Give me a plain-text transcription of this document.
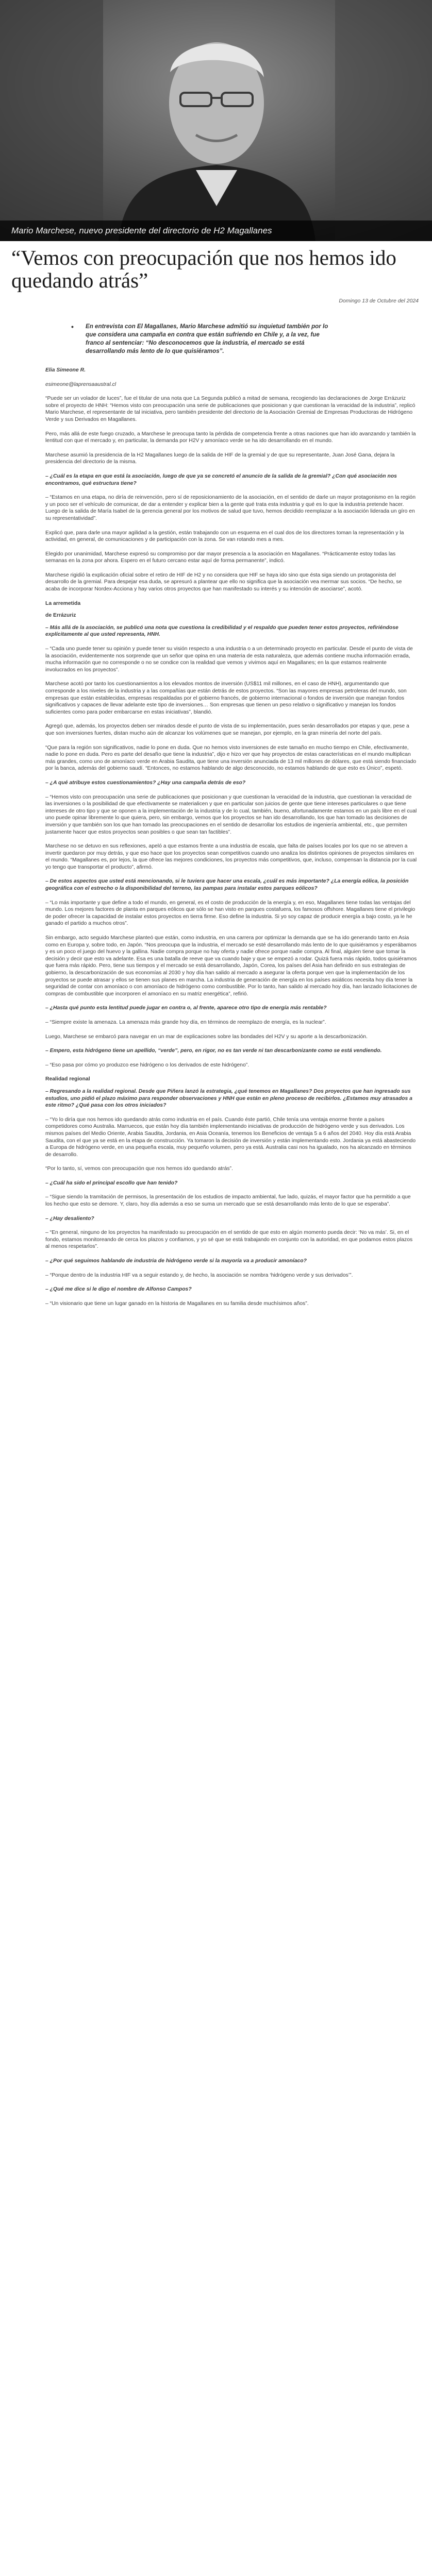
Mario Marchese, nuevo presidente del directorio de H2 Magallanes
“Vemos con preocupación que nos hemos ido quedando atrás”
Domingo 13 de Octubre del 2024
• En entrevista con El Magallanes, Mario Marchese admitió su inquietud también por lo que considera una campaña en contra que están sufriendo en Chile y, a la vez, fue franco al sentenciar: “No desconocemos que la industria, el mercado se está desarrollando más lento de lo que quisiéramos”.

Elia Simeone R.

esimeone@laprensaaustral.cl

“Puede ser un volador de luces”, fue el titular de una nota que La Segunda publicó a mitad de semana, recogiendo las declaraciones de Jorge Errázuriz sobre el proyecto de HNH: “Hemos visto con preocupación una serie de publicaciones que posicionan y que cuestionan la veracidad de la industria”, replicó Mario Marchese, el representante de tal iniciativa, pero también presidente del directorio de la Asociación Gremial de Empresas Productoras de Hidrógeno Verde y sus Derivados en Magallanes.

Pero, más allá de este fuego cruzado, a Marchese le preocupa tanto la pérdida de competencia frente a otras naciones que han ido avanzando y también la lentitud con que el mercado y, en particular, la demanda por H2V y amoníaco verde se ha ido desarrollando en el mundo.

Marchese asumió la presidencia de la H2 Magallanes luego de la salida de HIF de la gremial y de que su representante, Juan José Gana, dejara la presidencia del directorio de la misma.

– ¿Cuál es la etapa en que está la asociación, luego de que ya se concretó el anuncio de la salida de la gremial? ¿Con qué asociación nos encontramos, qué estructura tiene?

– “Estamos en una etapa, no diría de reinvención, pero sí de reposicionamiento de la asociación, en el sentido de darle un mayor protagonismo en la región y un poco ser el vehículo de comunicar, de dar a entender y explicar bien a la gente qué trata esta industria y qué es lo que la industria pretende hacer. Luego de la salida de María Isabel de la gerencia general por los motivos de salud que tuvo, hemos decidido reemplazar a la asociación liderada un gíro en su representatividad”.

Explicó que, para darle una mayor agilidad a la gestión, están trabajando con un esquema en el cual dos de los directores toman la representación y la actividad, en general, de comunicaciones y de participación con la zona. Se van rotando mes a mes.

Elegido por unanimidad, Marchese expresó su compromiso por dar mayor presencia a la asociación en Magallanes. “Prácticamente estoy todas las semanas en la zona por ahora. Espero en el futuro cercano estar aquí de forma permanente”, indicó.

Marchese rigidió la explicación oficial sobre el retiro de HIF de H2 y no considera que HIF se haya ido sino que ésta siga siendo un protagonista del desarrollo de la gremial. Para despejar esa duda, se apresuró a plantear que ello no significa que la asociación vea mermar sus socios. “De hecho, se acaba de incorporar Nordex-Acciona y hay varios otros proyectos que han manifestado su interés y su intención de asociarse”, acotó.

La arremetida

de Errázuriz

– Más allá de la asociación, se publicó una nota que cuestiona la credibilidad y el respaldo que pueden tener estos proyectos, refiriéndose explícitamente al que usted representa, HNH.

– “Cada uno puede tener su opinión y puede tener su visión respecto a una industria o a un determinado proyecto en particular. Desde el punto de vista de la asociación, evidentemente nos sorprende que un señor que opina en una materia de esta naturaleza, que además contiene mucha información errada, mucha información que no corresponde o no se condice con la realidad que vemos y vivimos aquí en Magallanes; en la que estamos realmente involucrados en los proyectos”.

Marchese acotó por tanto los cuestionamientos a los elevados montos de inversión (US$11 mil millones, en el caso de HNH), argumentando que corresponde a los niveles de la industria y a las compañías que están detrás de estos proyectos. “Son las mayores empresas petroleras del mundo, son empresas que están establecidas, empresas respaldadas por el gobierno francés, de gobierno internacional o fondos de inversión que manejan fondos significativos y capaces de llevar adelante este tipo de inversiones… Son empresas que tienen un peso relativo o significativo y manejan los fondos suficientes como para poder embarcarse en estas iniciativas”, blandió.

Agregó que, además, los proyectos deben ser mirados desde el punto de vista de su implementación, pues serán desarrollados por etapas y que, pese a que son inversiones fuertes, distan mucho aún de alcanzar los volúmenes que se manejan, por ejemplo, en la gran minería del norte del país.

“Que para la región son significativos, nadie lo pone en duda. Que no hemos visto inversiones de este tamaño en mucho tiempo en Chile, efectivamente, nadie lo pone en duda. Pero es parte del desafío que tiene la industria”, dijo e hizo ver que hay proyectos de estas características en el mundo multiplican más grandes, como uno de amoníaco verde en Arabia Saudita, que tiene una inversión anunciada de 13 mil millones de dólares, que está siendo financiado por la banca, además del gobierno saudí. “Entonces, no estamos hablando de algo desconocido, no estamos hablando de que esto es Único”, espetó.

– ¿A qué atribuye estos cuestionamientos? ¿Hay una campaña detrás de eso?

– “Hemos visto con preocupación una serie de publicaciones que posicionan y que cuestionan la veracidad de la industria, que cuestionan la veracidad de las inversiones o la posibilidad de que efectivamente se materialicen y que en particular son juicios de gente que tiene intereses particulares o que tiene intereses de otro tipo y que se oponen a la implementación de la industria y de lo cual, también, bueno, afortunadamente estamos en un país libre en el cual uno puede opinar libremente lo que quiera, pero, sin embargo, vemos que los proyectos se han ido desarrollando, los que han tomado las decisiones de inversión y que también son los que han tomado las preocupaciones en el sentido de desarrollar los estudios de ingeniería ambiental, etc., que permiten justamente hacer que estos proyectos sean posibles o que sean tan factibles”.

Marchese no se detuvo en sus reflexiones, apeló a que estamos frente a una industria de escala, que falta de países locales por los que no se atreven a invertir quedaron por muy detrás, y que eso hace que los proyectos sean competitivos cuando uno analiza los distintos opiniones de proyectos similares en el mundo. “Magallanes es, por lejos, la que ofrece las mejores condiciones, los proyectos más competitivos, que, incluso, compensan la distancia por la cual yo tengo que transportar el producto”, afirmó.

– De estos aspectos que usted está mencionando, si le tuviera que hacer una escala, ¿cuál es más importante? ¿La energía eólica, la posición geográfica con el estrecho o la disponibilidad del terreno, las pampas para instalar estos parques eólicos?

– “Lo más importante y que define a todo el mundo, en general, es el costo de producción de la energía y, en eso, Magallanes tiene todas las ventajas del mundo. Los mejores factores de planta en parques eólicos que sólo se han visto en parques costafuera, los famosos offshore. Magallanes tiene el privilegio de poder ofrecer la capacidad de instalar estos proyectos en tierra firme. Eso define la industria. Si yo soy capaz de producir energía a bajo costo, ya le he ganado el partido a muchos otros”.

Sin embargo, acto seguido Marchese planteó que están, como industria, en una carrera por optimizar la demanda que se ha ido generando tanto en Asia como en Europa y, sobre todo, en Japón. “Nos preocupa que la industria, el mercado se esté desarrollando más lento de lo que quisiéramos y esperábamos y es un poco el juego del huevo y la gallina. Nadie compra porque no hay oferta y nadie ofrece porque nadie compra. Al final, alguien tiene que tomar la decisión y decir que esto va adelante. Esa es una batalla de reeve que va cuando baje y que se empezó a rodar. Quizá fuera más rápido, todos quisiéramos que fuera más rápido. Pero, tiene sus tiempos y el mercado se está desarrollando, Japón, Corea, los países del Asia han definido en sus estrategias de gobierno, la descarbonización de sus economías al 2030 y hoy día han salido al mercado a asegurar la oferta porque ven que la implementación de los proyectos se puede atrasar y ellos se tienen sus planes en marcha. La industria de generación de energía en los países asiáticos necesita hoy día tener la seguridad de contar con amoníaco o con amoníaco de hidrógeno como combustible. Por lo tanto, han salido al mercado hoy día, han lanzado licitaciones de compras de combustible que incorporen el amoníaco en su matriz energética”, refirió.

– ¿Hasta qué punto esta lentitud puede jugar en contra o, al frente, aparece otro tipo de energía más rentable?

– “Siempre existe la amenaza. La amenaza más grande hoy día, en términos de reemplazo de energía, es la nuclear”.

Luego, Marchese se embarcó para navegar en un mar de explicaciones sobre las bondades del H2V y su aporte a la descarbonización.

– Empero, esta hidrógeno tiene un apellido, “verde”, pero, en rigor, no es tan verde ni tan descarbonizante como se está vendiendo.

– “Eso pasa por cómo yo produzco ese hidrógeno o los derivados de este hidrógeno”.

Realidad regional

– Regresando a la realidad regional. Desde que Piñera lanzó la estrategia, ¿qué tenemos en Magallanes? Dos proyectos que han ingresado sus estudios, uno pidió el plazo máximo para responder observaciones y HNH que están en pleno proceso de recibirlos. ¿Estamos muy atrasados a este ritmo? ¿Qué pasa con los otros iniciados?

– “Yo lo diría que nos hemos ido quedando atrás como industria en el país. Cuando éste partió, Chile tenía una ventaja enorme frente a países competidores como Australia. Marruecos, que están hoy día también implementando iniciativas de producción de hidrógeno verde y sus derivados. Los mismos países del Medio Oriente, Arabia Saudita, Jordania, en Asia Oceanía, tenemos los Beneficios de ventaja 5 a 6 años del 2040. Hoy día está Arabia Saudita, con el que ya se está en la etapa de construcción. Ya tomaron la decisión de inversión y están implementando esto. Jordania ya está abasteciendo a Europa de hidrógeno verde, en una pequeña escala, muy pequeño volumen, pero ya está. Australia casi nos ha igualado, nos ha alcanzado en términos de desarrollo.

“Por lo tanto, sí, vemos con preocupación que nos hemos ido quedando atrás”.

– ¿Cuál ha sido el principal escollo que han tenido?

– “Sigue siendo la tramitación de permisos, la presentación de los estudios de impacto ambiental, fue lado, quizás, el mayor factor que ha permitido a que los hecho que esto se demore. Y, claro, hoy día además a eso se suma un mercado que se está desarrollando más lento de lo que se esperaba”.

– ¿Hay desaliento?

– “En general, ninguno de los proyectos ha manifestado su preocupación en el sentido de que esto en algún momento pueda decir: ‘No va más’. Si, en el fondo, estamos monitoreando de cerca los plazos y confiamos, y yo sé que se está trabajando en conjunto con la autoridad, en que podamos estos plazos al menos respetarlos”.

– ¿Por qué seguimos hablando de industria de hidrógeno verde si la mayoría va a producir amoníaco?

– “Porque dentro de la industria HIF va a seguir estando y, de hecho, la asociación se nombra ‘hidrógeno verde y sus derivados’”.

– ¿Qué me dice si le digo el nombre de Alfonso Campos?

– “Un visionario que tiene un lugar ganado en la historia de Magallanes en su familia desde muchísimos años”.
